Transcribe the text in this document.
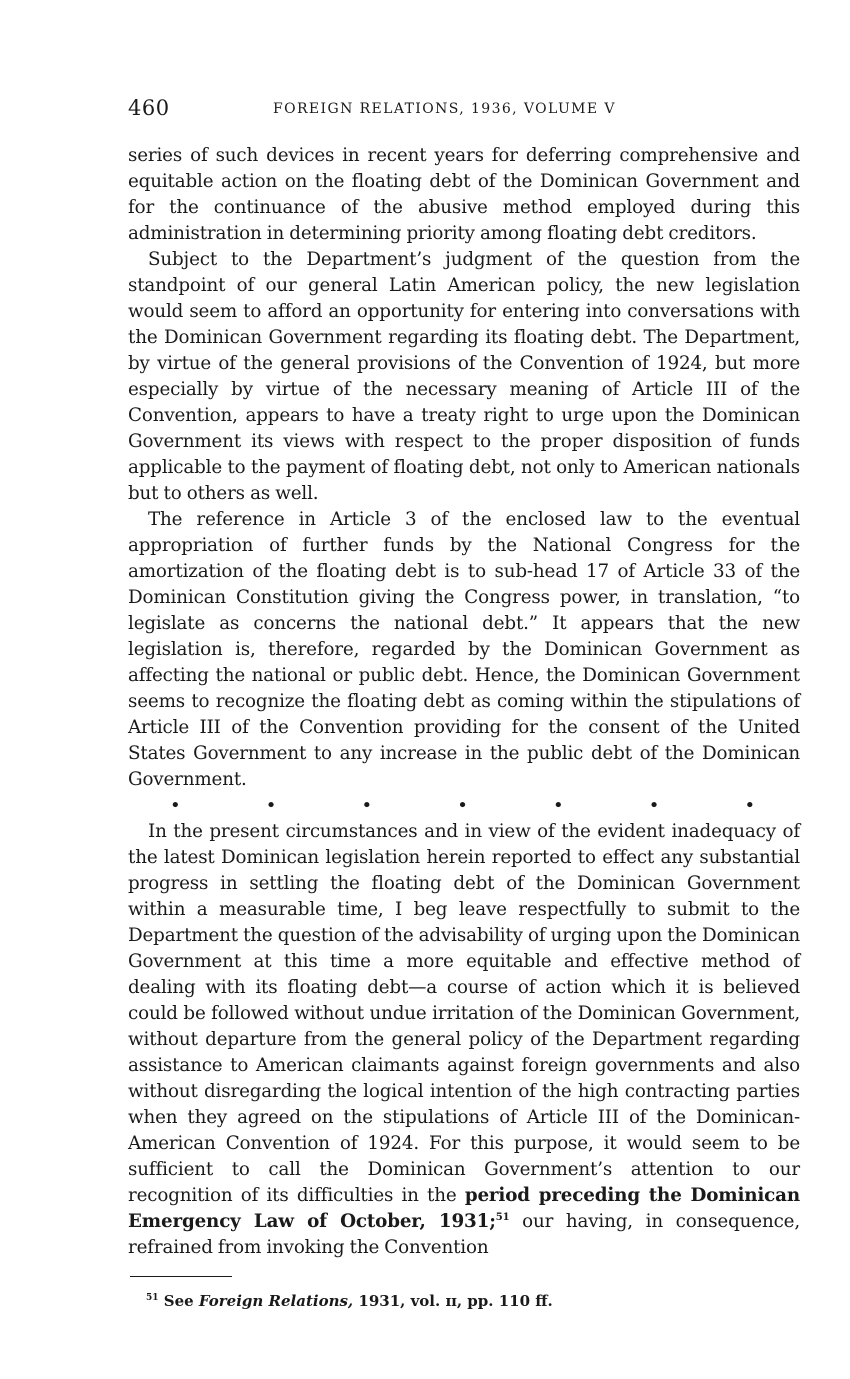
460	FOREIGN RELATIONS, 1936, VOLUME V

series of such devices in recent years for deferring comprehensive and equitable action on the floating debt of the Dominican Government and for the continuance of the abusive method employed during this administration in determining priority among floating debt creditors.

Subject to the Department’s judgment of the question from the standpoint of our general Latin American policy, the new legislation would seem to afford an opportunity for entering into conversations with the Dominican Government regarding its floating debt. The Department, by virtue of the general provisions of the Convention of 1924, but more especially by virtue of the necessary meaning of Article III of the Convention, appears to have a treaty right to urge upon the Dominican Government its views with respect to the proper disposition of funds applicable to the payment of floating debt, not only to American nationals but to others as well.

The reference in Article 3 of the enclosed law to the eventual appropriation of further funds by the National Congress for the amortization of the floating debt is to sub-head 17 of Article 33 of the Dominican Constitution giving the Congress power, in translation, “to legislate as concerns the national debt.” It appears that the new legislation is, therefore, regarded by the Dominican Government as affecting the national or public debt. Hence, the Dominican Government seems to recognize the floating debt as coming within the stipulations of Article III of the Convention providing for the consent of the United States Government to any increase in the public debt of the Dominican Government.

•	•	•	•	•	•	•

In the present circumstances and in view of the evident inadequacy of the latest Dominican legislation herein reported to effect any substantial progress in settling the floating debt of the Dominican Government within a measurable time, I beg leave respectfully to submit to the Department the question of the advisability of urging upon the Dominican Government at this time a more equitable and effective method of dealing with its floating debt—a course of action which it is believed could be followed without undue irritation of the Dominican Government, without departure from the general policy of the Department regarding assistance to American claimants against foreign governments and also without disregarding the logical intention of the high contracting parties when they agreed on the stipulations of Article III of the Dominican-American Convention of 1924. For this purpose, it would seem to be sufficient to call the Dominican Government’s attention to our recognition of its difficulties in the period preceding the Dominican Emergency Law of October, 1931;$^{51}$ our having, in consequence, refrained from invoking the Convention

$^{51}$ See Foreign Relations, 1931, vol. ɪɪ, pp. 110 ff.
